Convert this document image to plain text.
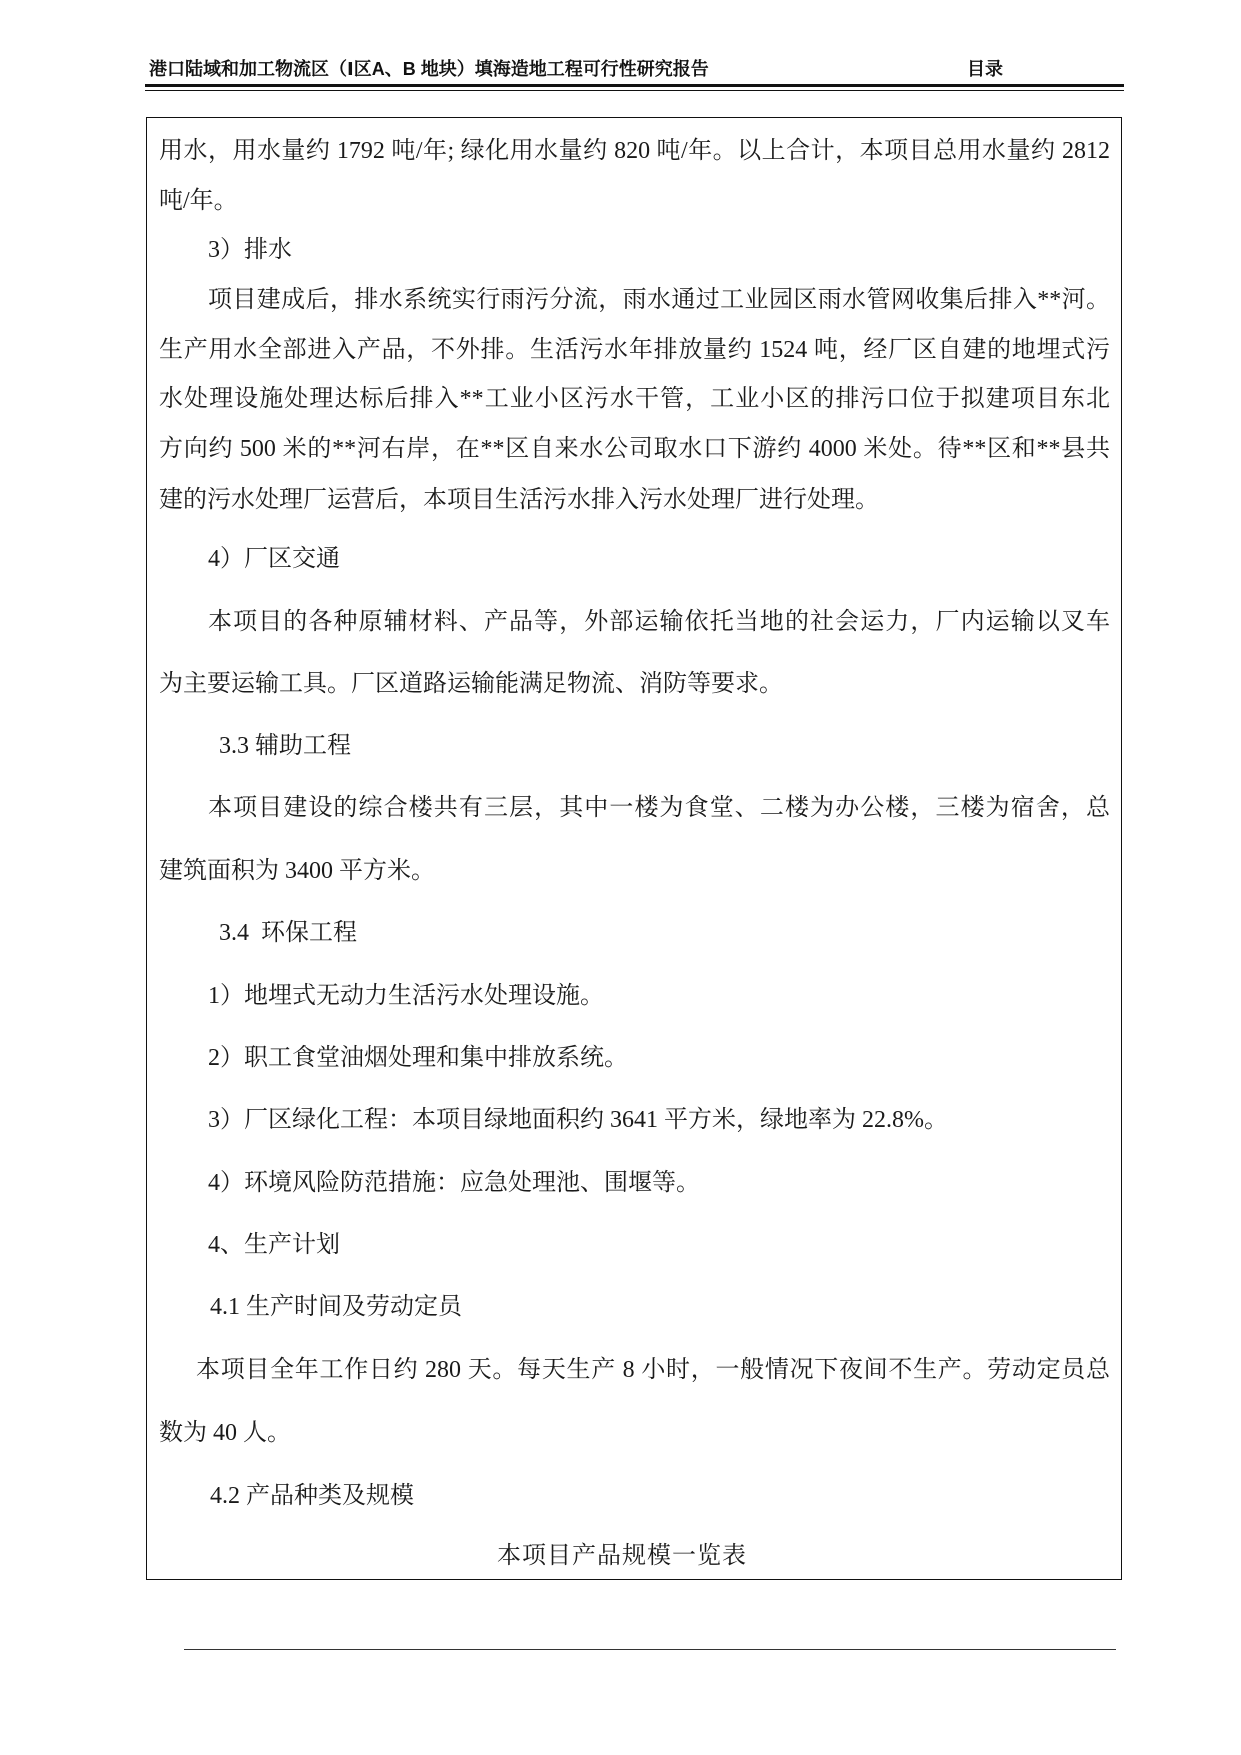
港口陆域和加工物流区（Ⅰ区A、B 地块）填海造地工程可行性研究报告	目录
用水，用水量约 1792 吨/年; 绿化用水量约 820 吨/年。以上合计，本项目总用水量约 2812
吨/年。
3）排水
项目建成后，排水系统实行雨污分流，雨水通过工业园区雨水管网收集后排入**河。
生产用水全部进入产品，不外排。生活污水年排放量约 1524 吨，经厂区自建的地埋式污
水处理设施处理达标后排入**工业小区污水干管，工业小区的排污口位于拟建项目东北
方向约 500 米的**河右岸，在**区自来水公司取水口下游约 4000 米处。待**区和**县共
建的污水处理厂运营后，本项目生活污水排入污水处理厂进行处理。
4）厂区交通
本项目的各种原辅材料、产品等，外部运输依托当地的社会运力，厂内运输以叉车
为主要运输工具。厂区道路运输能满足物流、消防等要求。
3.3 辅助工程
本项目建设的综合楼共有三层，其中一楼为食堂、二楼为办公楼，三楼为宿舍，总
建筑面积为 3400 平方米。
3.4  环保工程
1）地埋式无动力生活污水处理设施。
2）职工食堂油烟处理和集中排放系统。
3）厂区绿化工程：本项目绿地面积约 3641 平方米，绿地率为 22.8%。
4）环境风险防范措施：应急处理池、围堰等。
4、生产计划
4.1 生产时间及劳动定员
本项目全年工作日约 280 天。每天生产 8 小时，一般情况下夜间不生产。劳动定员总
数为 40 人。
4.2 产品种类及规模
本项目产品规模一览表
